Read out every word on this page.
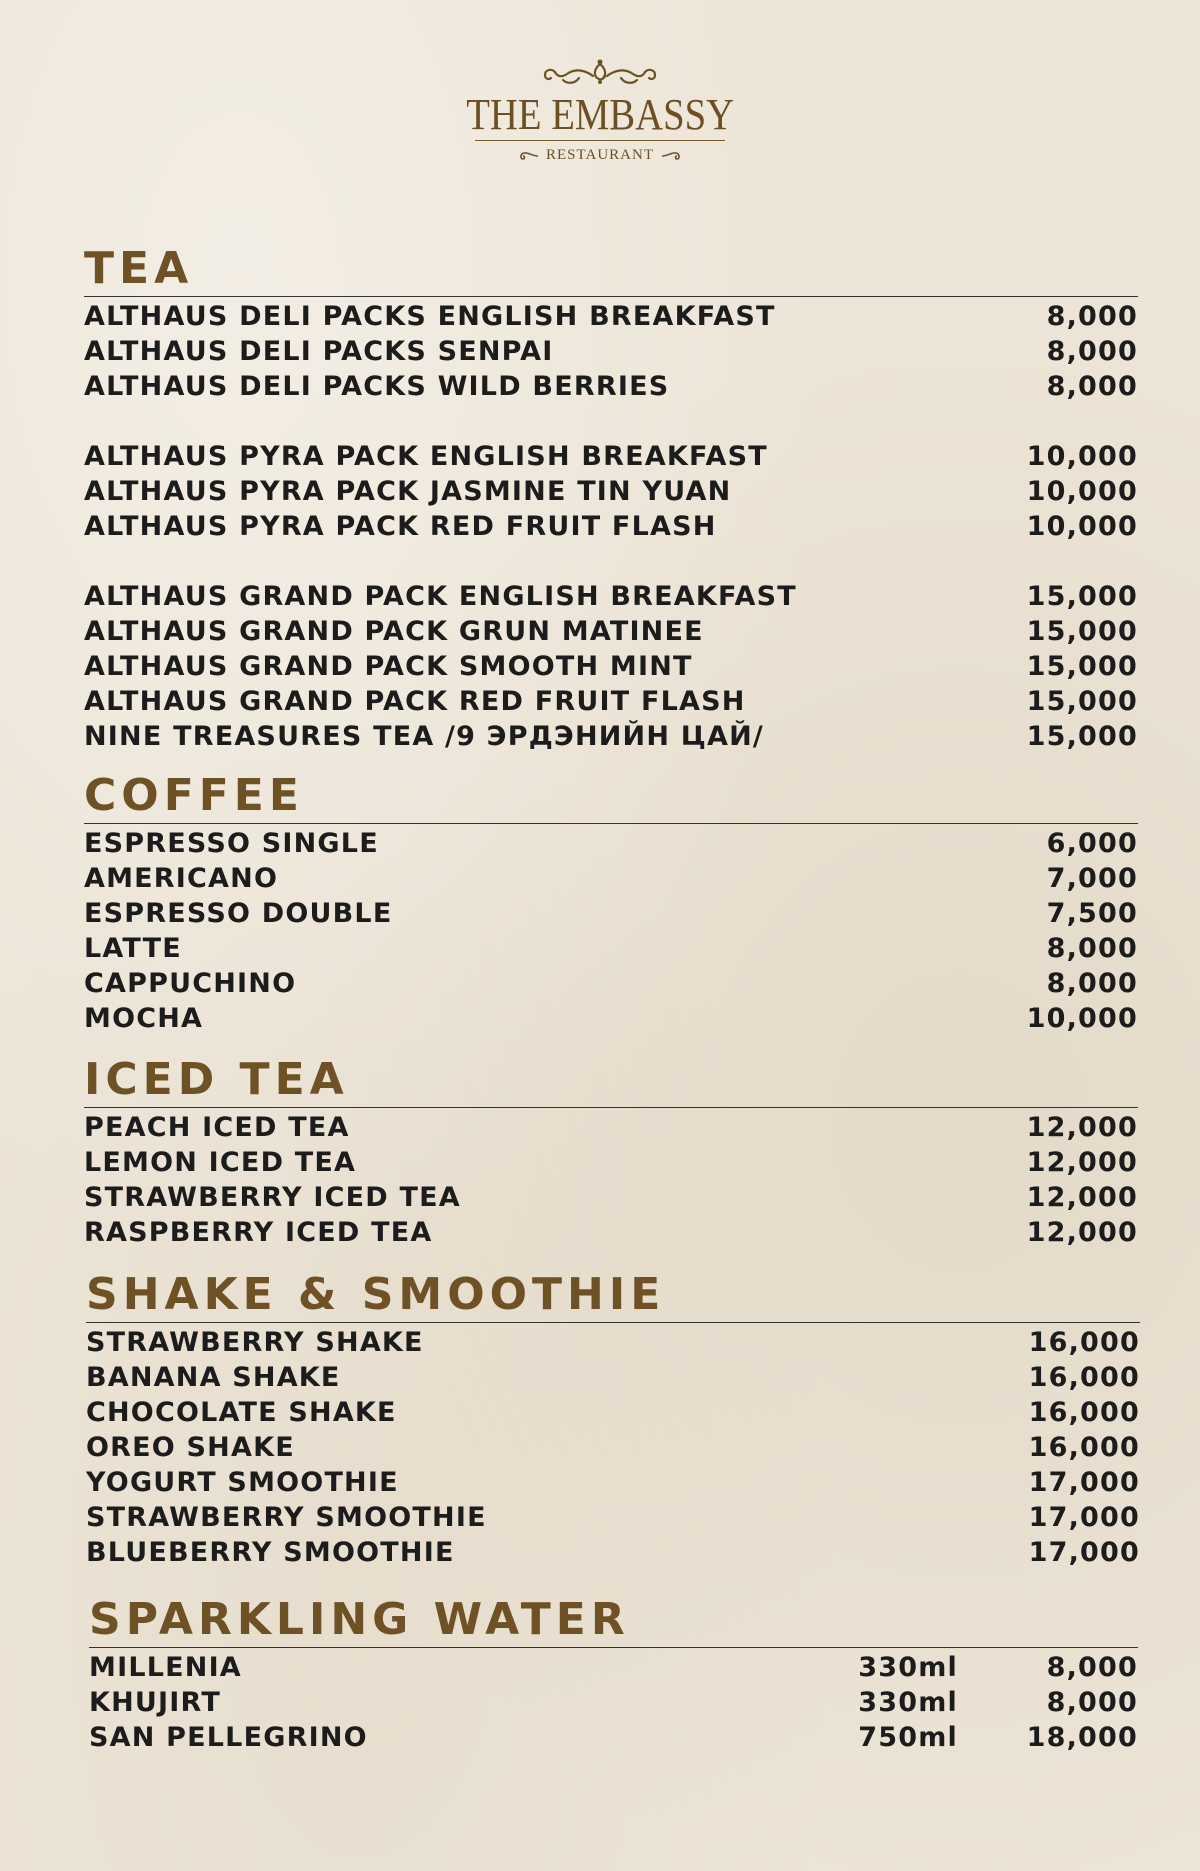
THE EMBASSY
RESTAURANT
TEA
ALTHAUS DELI PACKS ENGLISH BREAKFAST	8,000
ALTHAUS DELI PACKS SENPAI	8,000
ALTHAUS DELI PACKS WILD BERRIES	8,000
ALTHAUS PYRA PACK ENGLISH BREAKFAST	10,000
ALTHAUS PYRA PACK JASMINE TIN YUAN	10,000
ALTHAUS PYRA PACK RED FRUIT FLASH	10,000
ALTHAUS GRAND PACK ENGLISH BREAKFAST	15,000
ALTHAUS GRAND PACK GRUN MATINEE	15,000
ALTHAUS GRAND PACK SMOOTH MINT	15,000
ALTHAUS GRAND PACK RED FRUIT FLASH	15,000
NINE TREASURES TEA /9 ЭРДЭНИЙН ЦАЙ/	15,000
COFFEE
ESPRESSO SINGLE	6,000
AMERICANO	7,000
ESPRESSO DOUBLE	7,500
LATTE	8,000
CAPPUCHINO	8,000
MOCHA	10,000
ICED TEA
PEACH ICED TEA	12,000
LEMON ICED TEA	12,000
STRAWBERRY ICED TEA	12,000
RASPBERRY ICED TEA	12,000
SHAKE & SMOOTHIE
STRAWBERRY SHAKE	16,000
BANANA SHAKE	16,000
CHOCOLATE SHAKE	16,000
OREO SHAKE	16,000
YOGURT SMOOTHIE	17,000
STRAWBERRY SMOOTHIE	17,000
BLUEBERRY SMOOTHIE	17,000
SPARKLING WATER
MILLENIA	330ml	8,000
KHUJIRT	330ml	8,000
SAN PELLEGRINO	750ml	18,000
